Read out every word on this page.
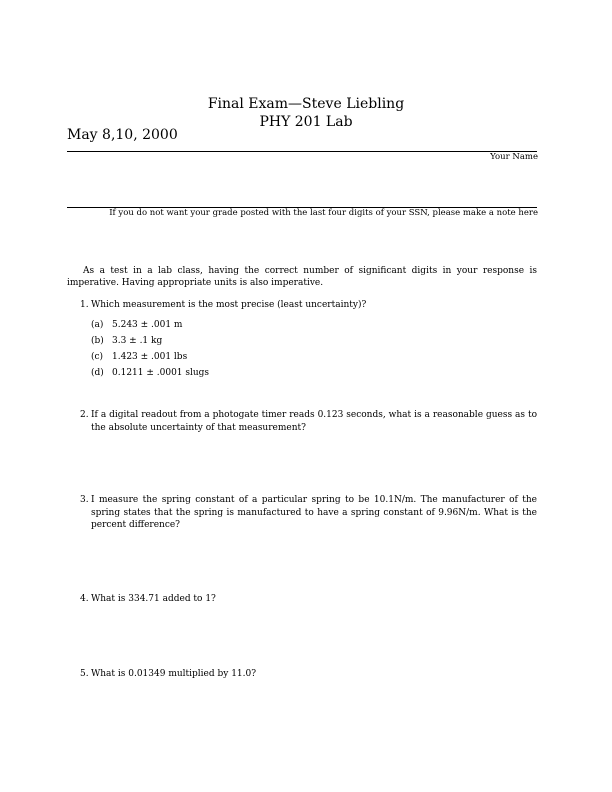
Final Exam—Steve Liebling
PHY 201 Lab
May 8,10, 2000
Your Name
If you do not want your grade posted with the last four digits of your SSN, please make a note here
As a test in a lab class, having the correct number of significant digits in your response is imperative. Having appropriate units is also imperative.
1. Which measurement is the most precise (least uncertainty)?
(a) 5.243 ± .001 m
(b) 3.3 ± .1 kg
(c) 1.423 ± .001 lbs
(d) 0.1211 ± .0001 slugs
2. If a digital readout from a photogate timer reads 0.123 seconds, what is a reasonable guess as to the absolute uncertainty of that measurement?
3. I measure the spring constant of a particular spring to be 10.1N/m. The manufacturer of the spring states that the spring is manufactured to have a spring constant of 9.96N/m. What is the percent difference?
4. What is 334.71 added to 1?
5. What is 0.01349 multiplied by 11.0?
